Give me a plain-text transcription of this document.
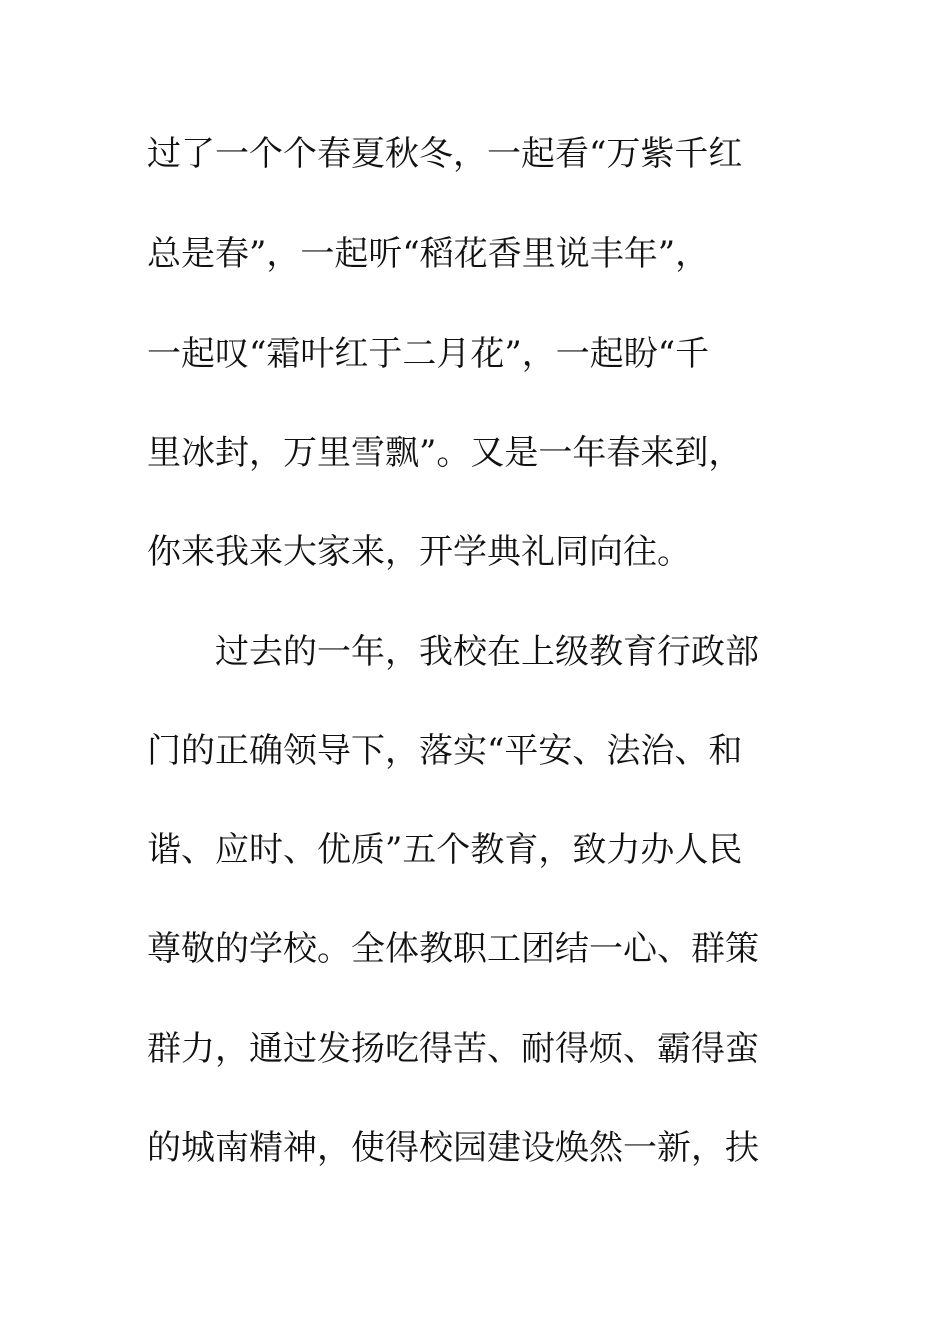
过了一个个春夏秋冬，一起看“万紫千红
总是春”，一起听“稻花香里说丰年”，
一起叹“霜叶红于二月花”，一起盼“千
里冰封，万里雪飘”。又是一年春来到，
你来我来大家来，开学典礼同向往。
过去的一年，我校在上级教育行政部
门的正确领导下，落实“平安、法治、和
谐、应时、优质”五个教育，致力办人民
尊敬的学校。全体教职工团结一心、群策
群力，通过发扬吃得苦、耐得烦、霸得蛮
的城南精神，使得校园建设焕然一新，扶
